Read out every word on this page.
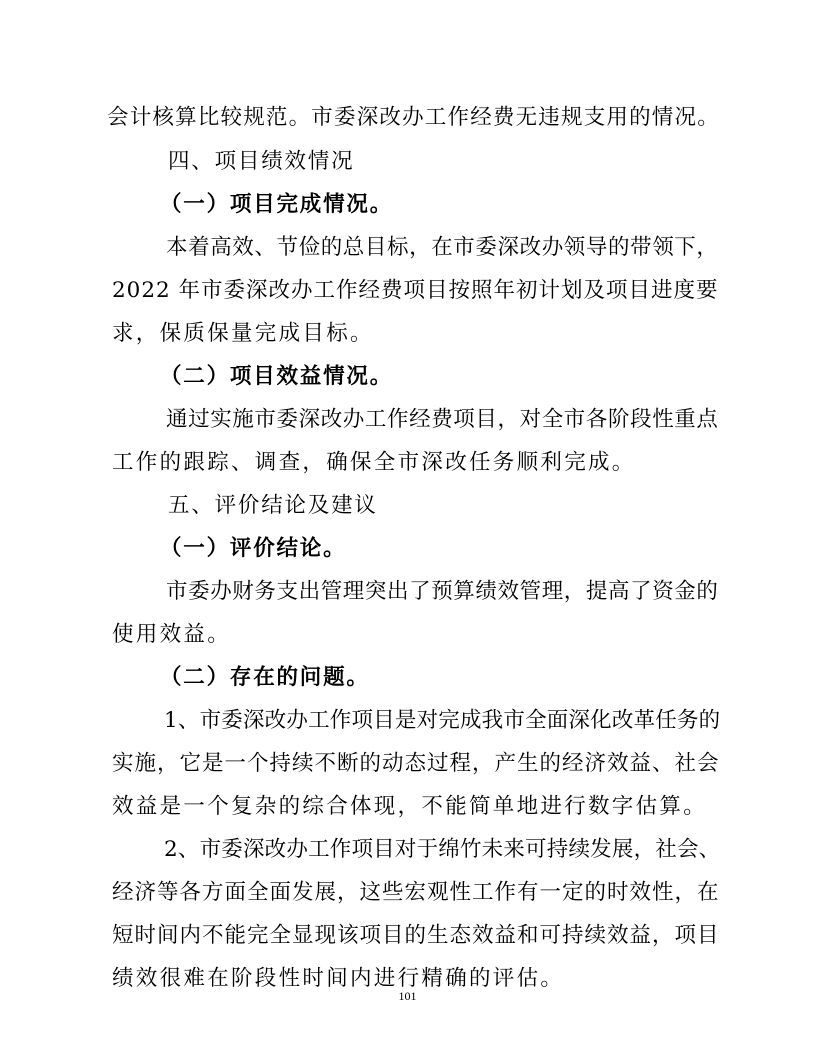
会计核算比较规范。市委深改办工作经费无违规支用的情况。
四、项目绩效情况
（一）项目完成情况。
本着高效、节俭的总目标，在市委深改办领导的带领下，
2022 年市委深改办工作经费项目按照年初计划及项目进度要
求，保质保量完成目标。
（二）项目效益情况。
通过实施市委深改办工作经费项目，对全市各阶段性重点
工作的跟踪、调查，确保全市深改任务顺利完成。
五、评价结论及建议
（一）评价结论。
市委办财务支出管理突出了预算绩效管理，提高了资金的
使用效益。
（二）存在的问题。
1、市委深改办工作项目是对完成我市全面深化改革任务的
实施，它是一个持续不断的动态过程，产生的经济效益、社会
效益是一个复杂的综合体现，不能简单地进行数字估算。
2、市委深改办工作项目对于绵竹未来可持续发展，社会、
经济等各方面全面发展，这些宏观性工作有一定的时效性，在
短时间内不能完全显现该项目的生态效益和可持续效益，项目
绩效很难在阶段性时间内进行精确的评估。
101
